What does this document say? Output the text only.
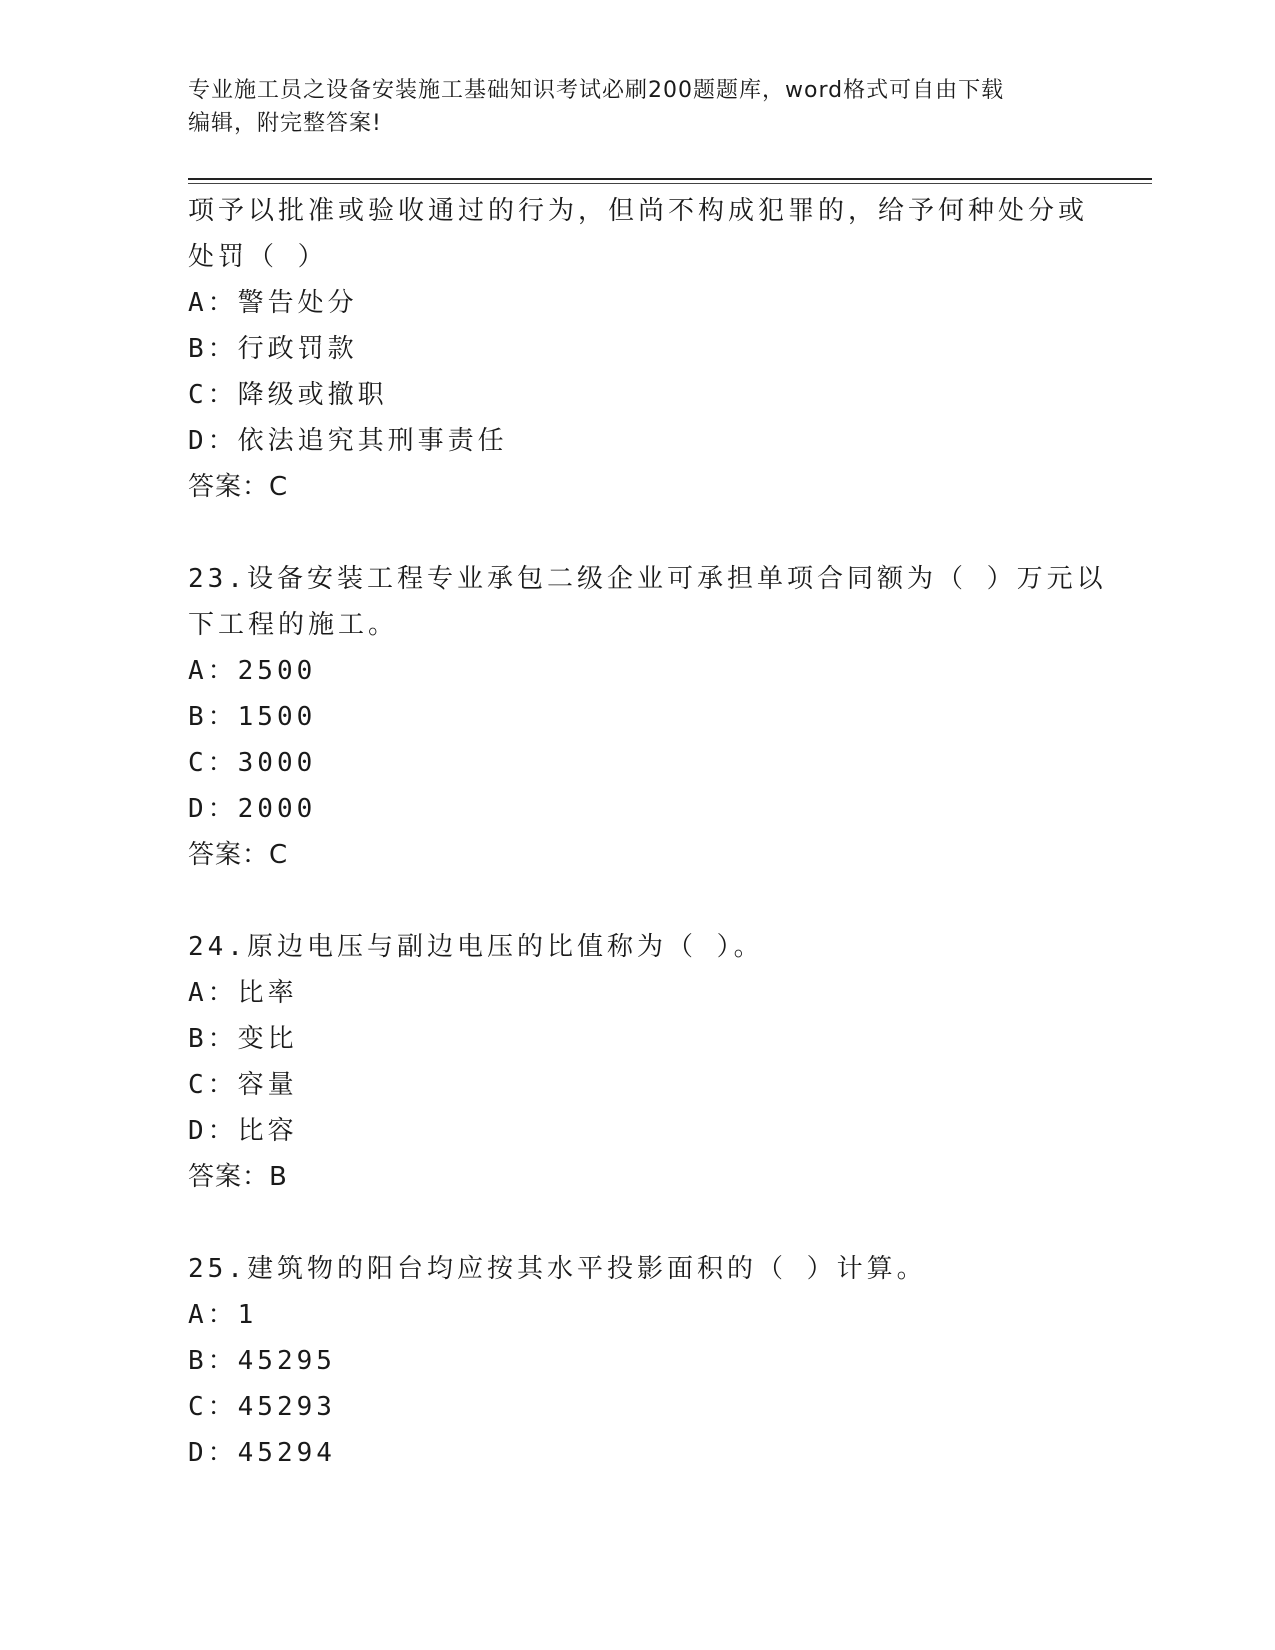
专业施工员之设备安装施工基础知识考试必刷200题题库，word格式可自由下载
编辑，附完整答案!
项予以批准或验收通过的行为，但尚不构成犯罪的，给予何种处分或
处罚（ ）
A：警告处分
B：行政罚款
C：降级或撤职
D：依法追究其刑事责任
答案：C
23.设备安装工程专业承包二级企业可承担单项合同额为（ ）万元以
下工程的施工。
A：2500
B：1500
C：3000
D：2000
答案：C
24.原边电压与副边电压的比值称为（ ）。
A：比率
B：变比
C：容量
D：比容
答案：B
25.建筑物的阳台均应按其水平投影面积的（ ）计算。
A：1
B：45295
C：45293
D：45294
